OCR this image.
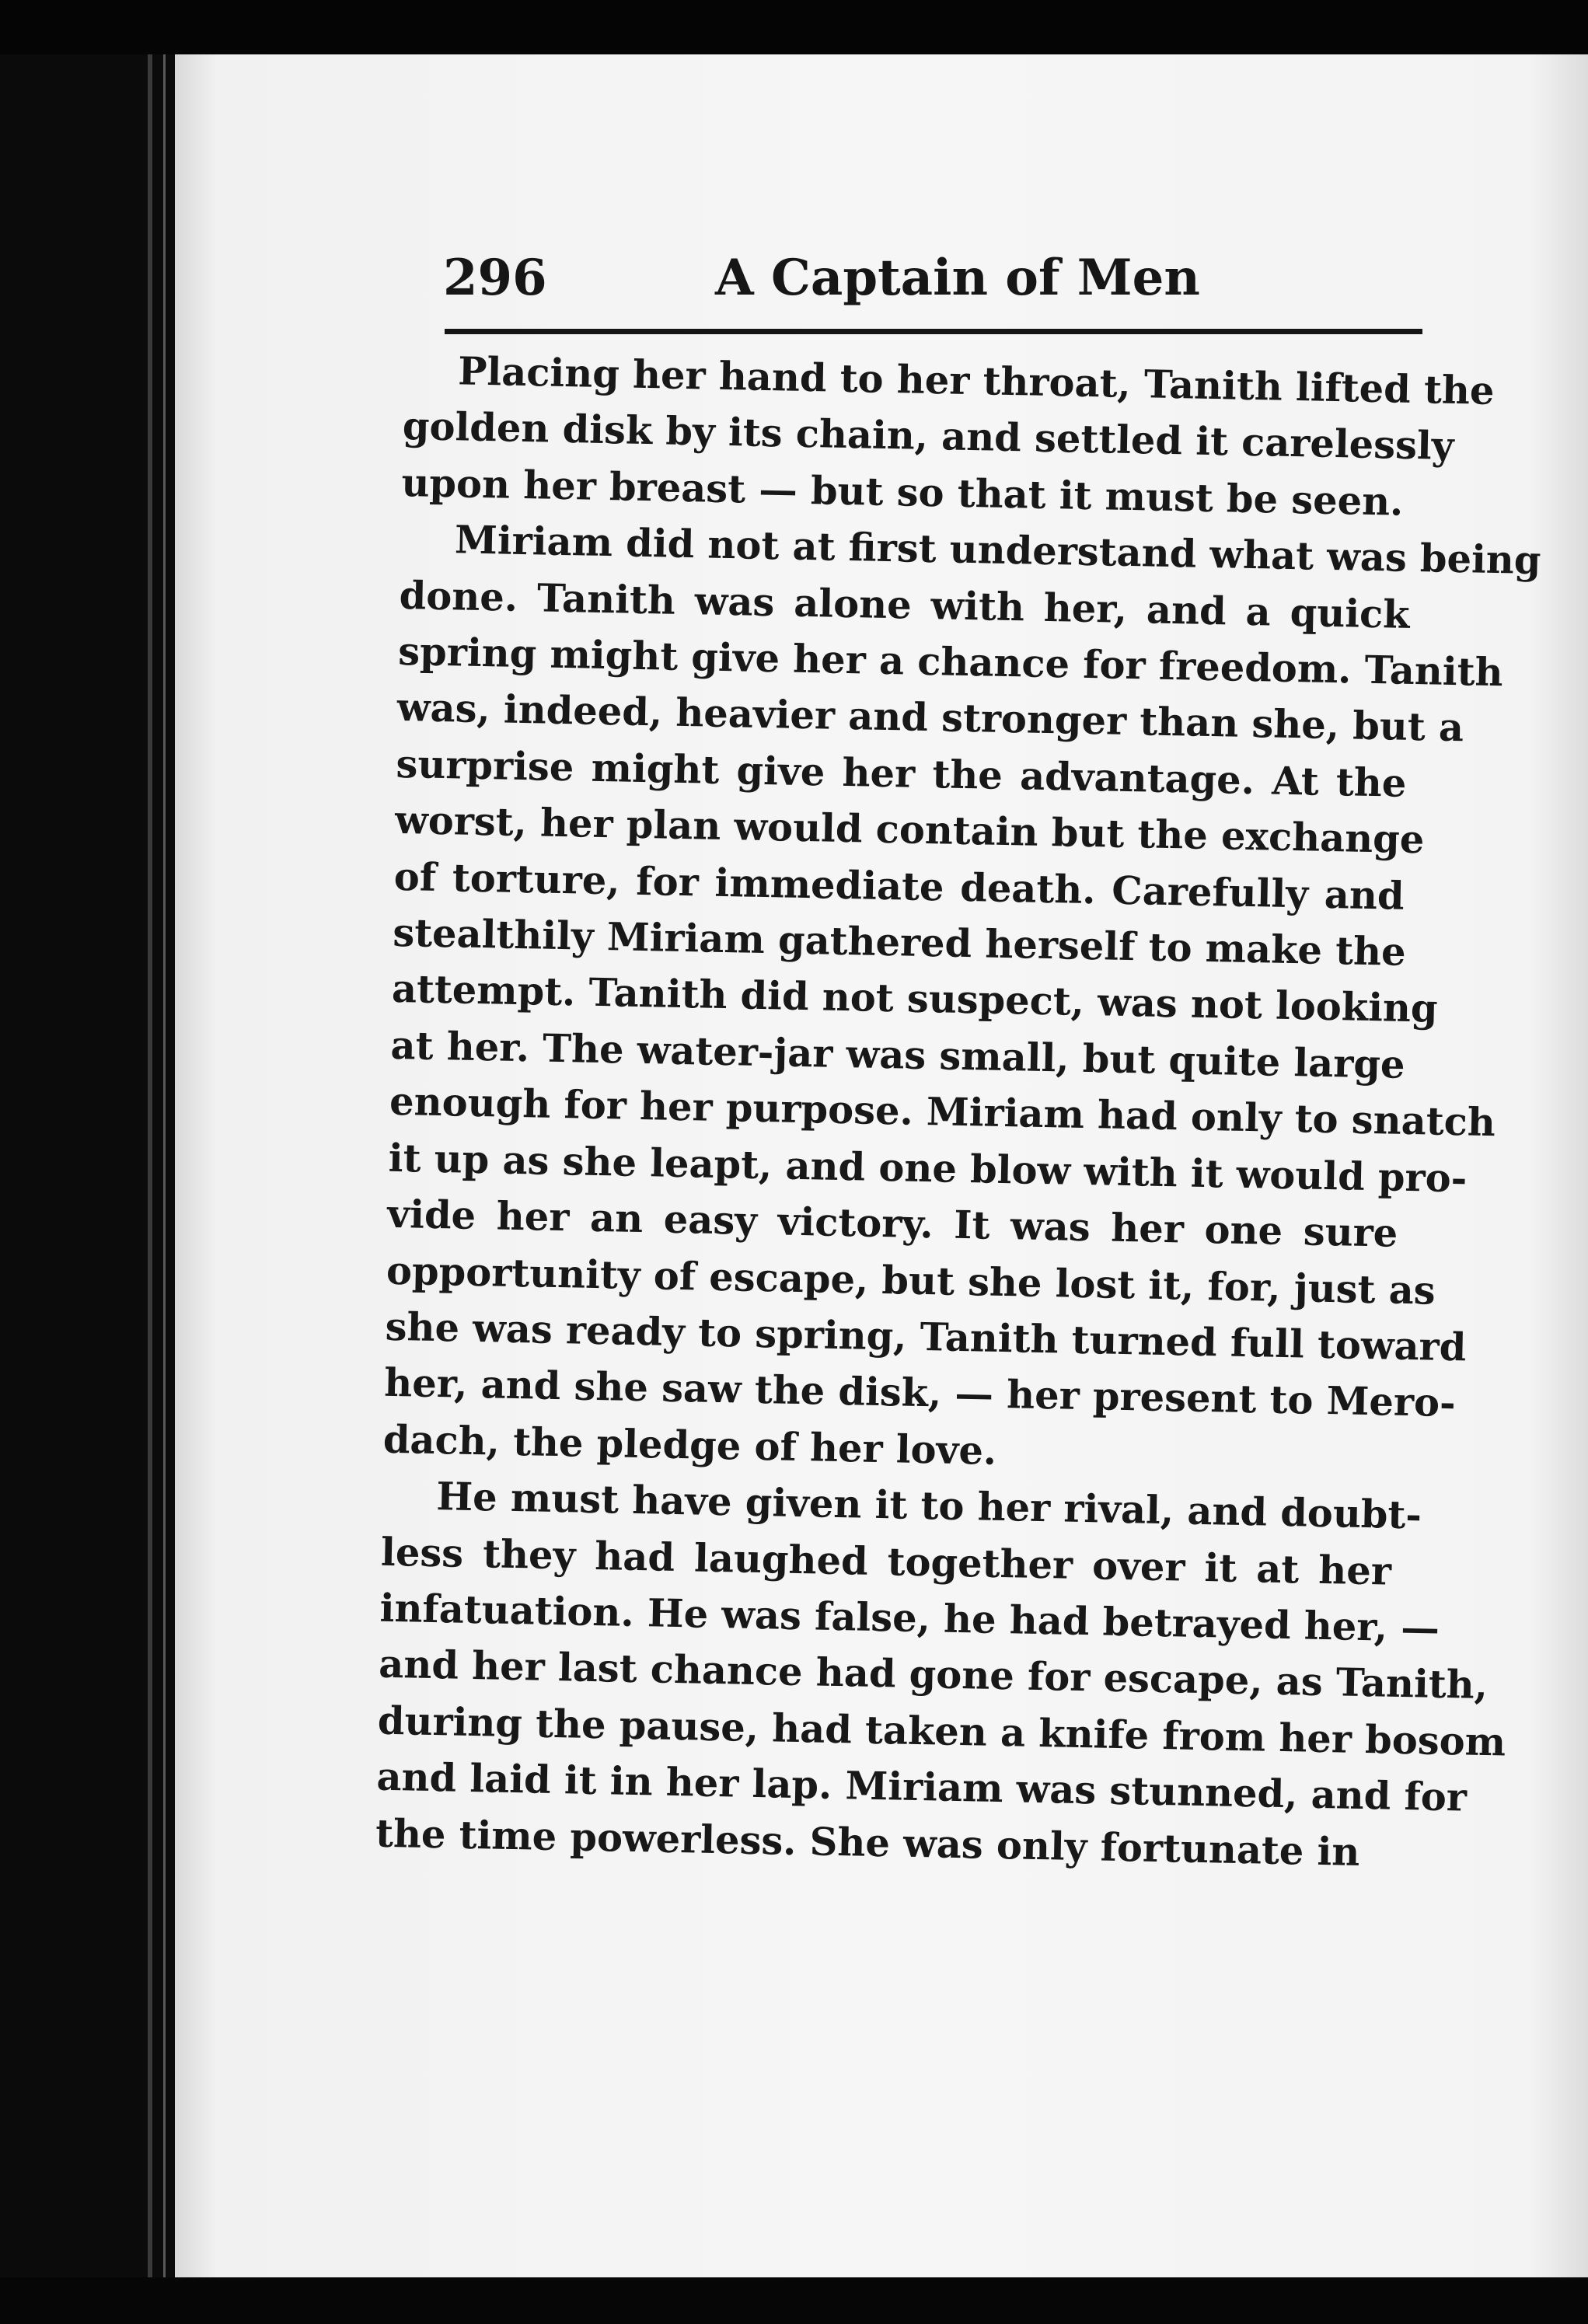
296	A Captain of Men

Placing her hand to her throat, Tanith lifted the
golden disk by its chain, and settled it carelessly
upon her breast — but so that it must be seen.

Miriam did not at first understand what was being
done. Tanith was alone with her, and a quick
spring might give her a chance for freedom. Tanith
was, indeed, heavier and stronger than she, but a
surprise might give her the advantage. At the
worst, her plan would contain but the exchange
of torture, for immediate death. Carefully and
stealthily Miriam gathered herself to make the
attempt. Tanith did not suspect, was not looking
at her. The water-jar was small, but quite large
enough for her purpose. Miriam had only to snatch
it up as she leapt, and one blow with it would pro-
vide her an easy victory. It was her one sure
opportunity of escape, but she lost it, for, just as
she was ready to spring, Tanith turned full toward
her, and she saw the disk, — her present to Mero-
dach, the pledge of her love.

He must have given it to her rival, and doubt-
less they had laughed together over it at her
infatuation. He was false, he had betrayed her, —
and her last chance had gone for escape, as Tanith,
during the pause, had taken a knife from her bosom
and laid it in her lap. Miriam was stunned, and for
the time powerless. She was only fortunate in
